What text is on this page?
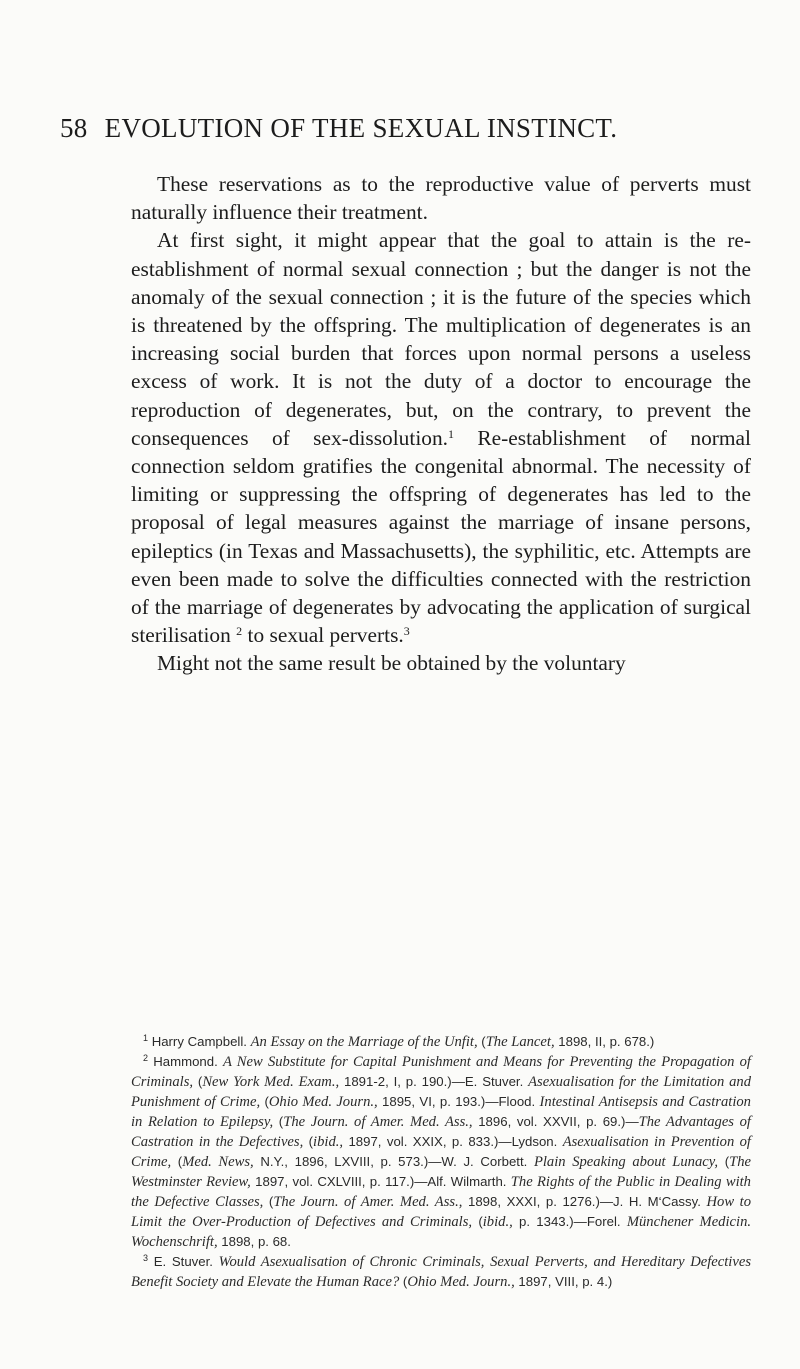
58 EVOLUTION OF THE SEXUAL INSTINCT.

These reservations as to the reproductive value of perverts must naturally influence their treatment.

At first sight, it might appear that the goal to attain is the re-establishment of normal sexual connection ; but the danger is not the anomaly of the sexual connection ; it is the future of the species which is threatened by the offspring. The multiplication of degenerates is an increasing social burden that forces upon normal persons a useless excess of work. It is not the duty of a doctor to encourage the reproduction of degenerates, but, on the contrary, to prevent the consequences of sex-dissolution.$^1$ Re-establishment of normal connection seldom gratifies the congenital abnormal. The necessity of limiting or suppressing the offspring of degenerates has led to the proposal of legal measures against the marriage of insane persons, epileptics (in Texas and Massachusetts), the syphilitic, etc. Attempts are even been made to solve the difficulties connected with the restriction of the marriage of degenerates by advocating the application of surgical sterilisation $^2$ to sexual perverts.$^3$

Might not the same result be obtained by the voluntary

$^1$ Harry Campbell. An Essay on the Marriage of the Unfit, (The Lancet, 1898, II, p. 678.)

$^2$ Hammond. A New Substitute for Capital Punishment and Means for Preventing the Propagation of Criminals, (New York Med. Exam., 1891-2, I, p. 190.)—E. Stuver. Asexualisation for the Limitation and Punishment of Crime, (Ohio Med. Journ., 1895, VI, p. 193.)—Flood. Intestinal Antisepsis and Castration in Relation to Epilepsy, (The Journ. of Amer. Med. Ass., 1896, vol. XXVII, p. 69.)—The Advantages of Castration in the Defectives, (ibid., 1897, vol. XXIX, p. 833.)—Lydson. Asexualisation in Prevention of Crime, (Med. News, N.Y., 1896, LXVIII, p. 573.)—W. J. Corbett. Plain Speaking about Lunacy, (The Westminster Review, 1897, vol. CXLVIII, p. 117.)—Alf. Wilmarth. The Rights of the Public in Dealing with the Defective Classes, (The Journ. of Amer. Med. Ass., 1898, XXXI, p. 1276.)—J. H. M‘Cassy. How to Limit the Over-Production of Defectives and Criminals, (ibid., p. 1343.)—Forel. Münchener Medicin. Wochenschrift, 1898, p. 68.

$^3$ E. Stuver. Would Asexualisation of Chronic Criminals, Sexual Perverts, and Hereditary Defectives Benefit Society and Elevate the Human Race? (Ohio Med. Journ., 1897, VIII, p. 4.)
